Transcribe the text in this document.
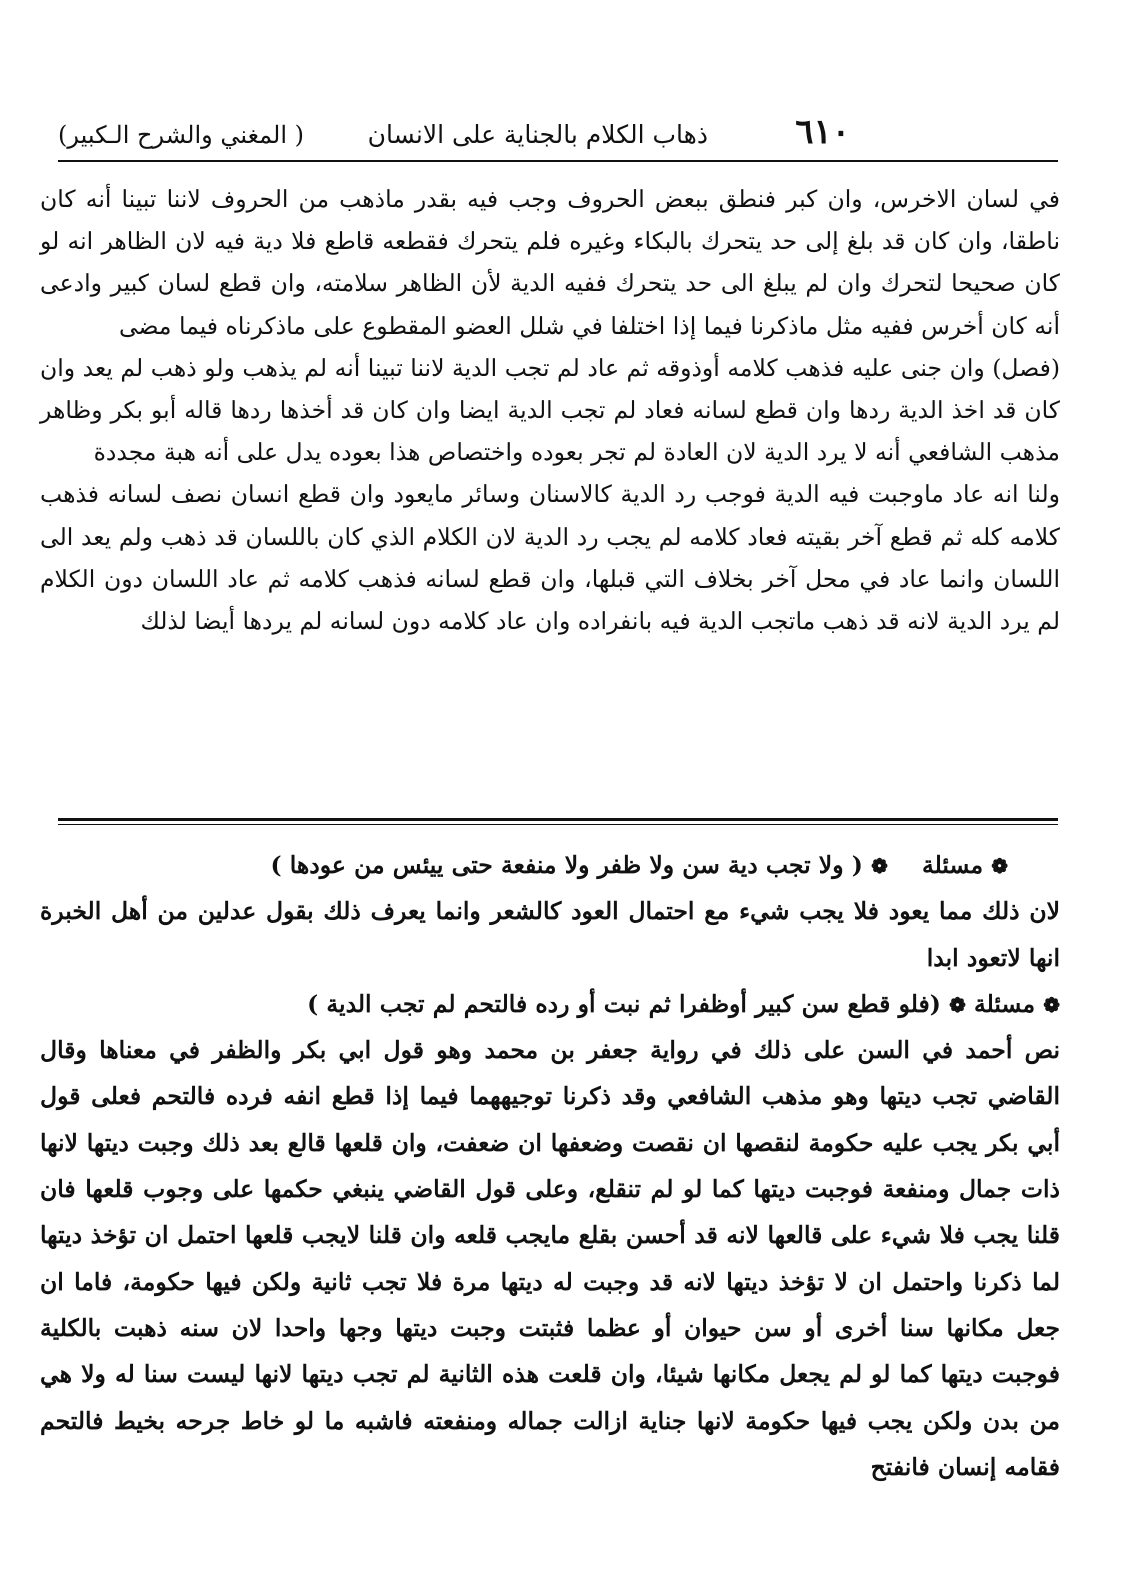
٦١٠
ذهاب الكلام بالجناية على الانسان
( المغني والشرح الـكبير)

في لسان الاخرس، وان كبر فنطق ببعض الحروف وجب فيه بقدر ماذهب من الحروف لاننا تبينا أنه كان ناطقا، وان كان قد بلغ إلى حد يتحرك بالبكاء وغيره فلم يتحرك فقطعه قاطع فلا دية فيه لان الظاهر انه لو كان صحيحا لتحرك وان لم يبلغ الى حد يتحرك ففيه الدية لأن الظاهر سلامته، وان قطع لسان كبير وادعى أنه كان أخرس ففيه مثل ماذكرنا فيما إذا اختلفا في شلل العضو المقطوع على ماذكرناه فيما مضى

(فصل) وان جنى عليه فذهب كلامه أوذوقه ثم عاد لم تجب الدية لاننا تبينا أنه لم يذهب ولو ذهب لم يعد وان كان قد اخذ الدية ردها وان قطع لسانه فعاد لم تجب الدية ايضا وان كان قد أخذها ردها قاله أبو بكر وظاهر مذهب الشافعي أنه لا يرد الدية لان العادة لم تجر بعوده واختصاص هذا بعوده يدل على أنه هبة مجددة

ولنا انه عاد ماوجبت فيه الدية فوجب رد الدية كالاسنان وسائر مايعود وان قطع انسان نصف لسانه فذهب كلامه كله ثم قطع آخر بقيته فعاد كلامه لم يجب رد الدية لان الكلام الذي كان باللسان قد ذهب ولم يعد الى اللسان وانما عاد في محل آخر بخلاف التي قبلها، وان قطع لسانه فذهب كلامه ثم عاد اللسان دون الكلام لم يرد الدية لانه قد ذهب ماتجب الدية فيه بانفراده وان عاد كلامه دون لسانه لم يردها أيضا لذلك

❁ مسئلة ❁ ( ولا تجب دية سن ولا ظفر ولا منفعة حتى ييئس من عودها )

لان ذلك مما يعود فلا يجب شيء مع احتمال العود كالشعر وانما يعرف ذلك بقول عدلين من أهل الخبرة انها لاتعود ابدا

❁ مسئلة ❁ (فلو قطع سن كبير أوظفرا ثم نبت أو رده فالتحم لم تجب الدية )

نص أحمد في السن على ذلك في رواية جعفر بن محمد وهو قول ابي بكر والظفر في معناها وقال القاضي تجب ديتها وهو مذهب الشافعي وقد ذكرنا توجيههما فيما إذا قطع انفه فرده فالتحم فعلى قول أبي بكر يجب عليه حكومة لنقصها ان نقصت وضعفها ان ضعفت، وان قلعها قالع بعد ذلك وجبت ديتها لانها ذات جمال ومنفعة فوجبت ديتها كما لو لم تنقلع، وعلى قول القاضي ينبغي حكمها على وجوب قلعها فان قلنا يجب فلا شيء على قالعها لانه قد أحسن بقلع مايجب قلعه وان قلنا لايجب قلعها احتمل ان تؤخذ ديتها لما ذكرنا واحتمل ان لا تؤخذ ديتها لانه قد وجبت له ديتها مرة فلا تجب ثانية ولكن فيها حكومة، فاما ان جعل مكانها سنا أخرى أو سن حيوان أو عظما فثبتت وجبت ديتها وجها واحدا لان سنه ذهبت بالكلية فوجبت ديتها كما لو لم يجعل مكانها شيئا، وان قلعت هذه الثانية لم تجب ديتها لانها ليست سنا له ولا هي من بدن ولكن يجب فيها حكومة لانها جناية ازالت جماله ومنفعته فاشبه ما لو خاط جرحه بخيط فالتحم فقامه إنسان فانفتح
